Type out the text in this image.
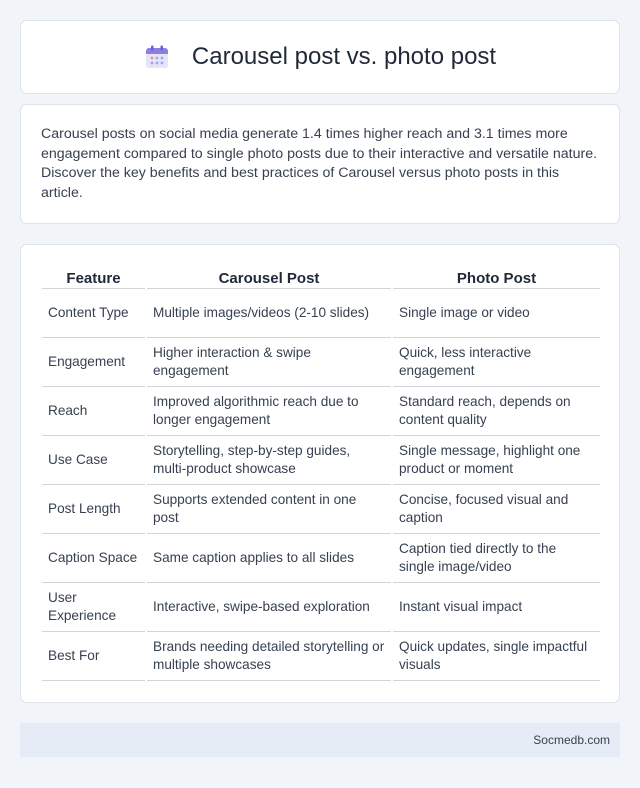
Carousel post vs. photo post

Carousel posts on social media generate 1.4 times higher reach and 3.1 times more engagement compared to single photo posts due to their interactive and versatile nature. Discover the key benefits and best practices of Carousel versus photo posts in this article.

Feature	Carousel Post	Photo Post
Content Type	Multiple images/videos (2-10 slides)	Single image or video
Engagement	Higher interaction & swipe engagement	Quick, less interactive engagement
Reach	Improved algorithmic reach due to longer engagement	Standard reach, depends on content quality
Use Case	Storytelling, step-by-step guides, multi-product showcase	Single message, highlight one product or moment
Post Length	Supports extended content in one post	Concise, focused visual and caption
Caption Space	Same caption applies to all slides	Caption tied directly to the single image/video
User Experience	Interactive, swipe-based exploration	Instant visual impact
Best For	Brands needing detailed storytelling or multiple showcases	Quick updates, single impactful visuals
Socmedb.com
